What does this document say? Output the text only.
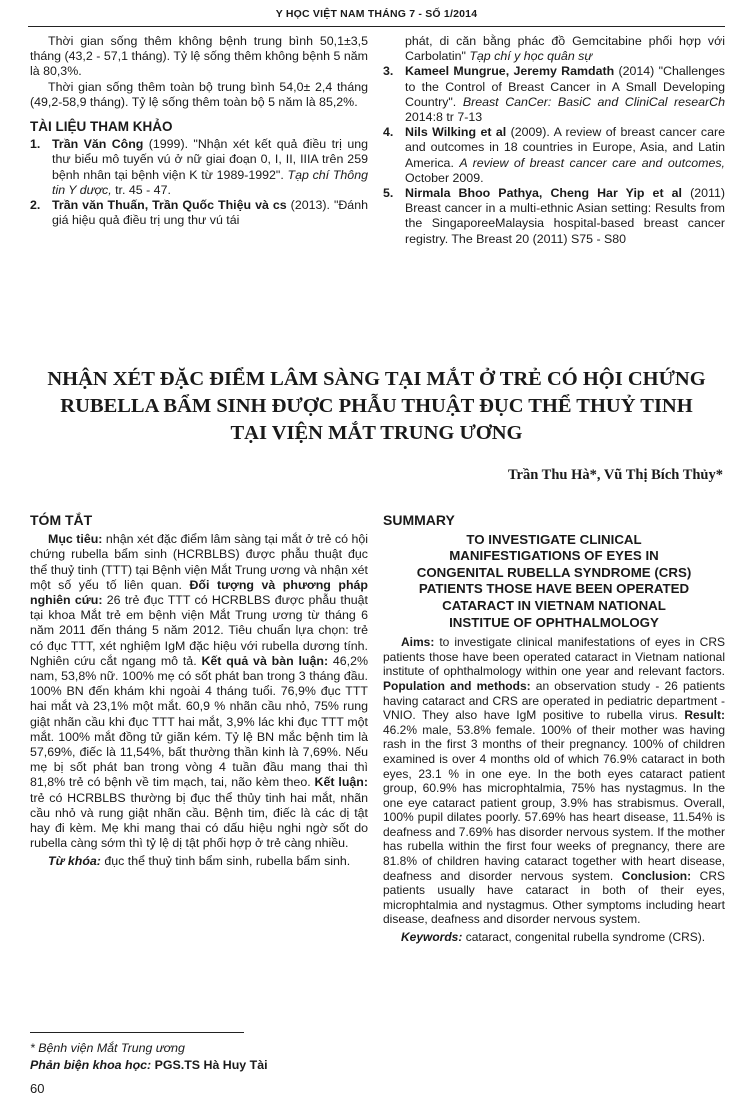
Y HỌC VIỆT NAM THÁNG 7 - SỐ 1/2014

Thời gian sống thêm không bệnh trung bình 50,1±3,5 tháng (43,2 - 57,1 tháng). Tỷ lệ sống thêm không bệnh 5 năm là 80,3%.

Thời gian sống thêm toàn bộ trung bình 54,0± 2,4 tháng (49,2-58,9 tháng). Tỷ lệ sống thêm toàn bộ 5 năm là 85,2%.

TÀI LIỆU THAM KHẢO
1. Trần Văn Công (1999). "Nhận xét kết quả điều trị ung thư biểu mô tuyến vú ở nữ giai đoạn 0, I, II, IIIA trên 259 bệnh nhân tại bệnh viện K từ 1989-1992". Tạp chí Thông tin Y dược, tr. 45 - 47.
2. Trần văn Thuấn, Trần Quốc Thiệu và cs (2013). "Đánh giá hiệu quả điều trị ung thư vú tái
phát, di căn bằng phác đồ Gemcitabine phối hợp với Carbolatin" Tạp chí y học quân sự
3. Kameel Mungrue, Jeremy Ramdath (2014) "Challenges to the Control of Breast Cancer in A Small Developing Country". Breast CanCer: BasiC and CliniCal researCh 2014:8 tr 7-13
4. Nils Wilking et al (2009). A review of breast cancer care and outcomes in 18 countries in Europe, Asia, and Latin America. A review of breast cancer care and outcomes, October 2009.
5. Nirmala Bhoo Pathya, Cheng Har Yip et al (2011) Breast cancer in a multi-ethnic Asian setting: Results from the SingaporeeMalaysia hospital-based breast cancer registry. The Breast 20 (2011) S75 - S80
NHẬN XÉT ĐẶC ĐIỂM LÂM SÀNG TẠI MẮT Ở TRẺ CÓ HỘI CHỨNG
RUBELLA BẨM SINH ĐƯỢC PHẪU THUẬT ĐỤC THỂ THUỶ TINH
TẠI VIỆN MẮT TRUNG ƯƠNG
Trần Thu Hà*, Vũ Thị Bích Thủy*
TÓM TẮT

Mục tiêu: nhận xét đặc điểm lâm sàng tại mắt ở trẻ có hội chứng rubella bẩm sinh (HCRBLBS) được phẫu thuật đục thể thuỷ tinh (TTT) tại Bệnh viện Mắt Trung ương và nhận xét một số yếu tố liên quan. Đối tượng và phương pháp nghiên cứu: 26 trẻ đục TTT có HCRBLBS được phẫu thuật tại khoa Mắt trẻ em bệnh viện Mắt Trung ương từ tháng 6 năm 2011 đến tháng 5 năm 2012. Tiêu chuẩn lựa chọn: trẻ có đục TTT, xét nghiệm IgM đặc hiệu với rubella dương tính. Nghiên cứu cắt ngang mô tả. Kết quả và bàn luận: 46,2% nam, 53,8% nữ. 100% mẹ có sốt phát ban trong 3 tháng đầu. 100% BN đến khám khi ngoài 4 tháng tuổi. 76,9% đục TTT hai mắt và 23,1% một mắt. 60,9 % nhãn cầu nhỏ, 75% rung giật nhãn cầu khi đục TTT hai mắt, 3,9% lác khi đục TTT một mắt. 100% mắt đồng tử giãn kém. Tỷ lệ BN mắc bệnh tim là 57,69%, điếc là 11,54%, bất thường thần kinh là 7,69%. Nếu mẹ bị sốt phát ban trong vòng 4 tuần đầu mang thai thì 81,8% trẻ có bệnh về tim mạch, tai, não kèm theo. Kết luận: trẻ có HCRBLBS thường bị đục thể thủy tinh hai mắt, nhãn cầu nhỏ và rung giật nhãn cầu. Bệnh tim, điếc là các dị tật hay đi kèm. Mẹ khi mang thai có dấu hiệu nghi ngờ sốt do rubella càng sớm thì tỷ lệ dị tật phối hợp ở trẻ càng nhiều.

Từ khóa: đục thể thuỷ tinh bẩm sinh, rubella bẩm sinh.

SUMMARY
TO INVESTIGATE CLINICAL
MANIFESTIGATIONS OF EYES IN
CONGENITAL RUBELLA SYNDROME (CRS)
PATIENTS THOSE HAVE BEEN OPERATED
CATARACT IN VIETNAM NATIONAL
INSTITUE OF OPHTHALMOLOGY

Aims: to investigate clinical manifestations of eyes in CRS patients those have been operated cataract in Vietnam national institute of ophthalmology within one year and relevant factors. Population and methods: an observation study - 26 patients having cataract and CRS are operated in pediatric department - VNIO. They also have IgM positive to rubella virus. Result: 46.2% male, 53.8% female. 100% of their mother was having rash in the first 3 months of their pregnancy. 100% of children examined is over 4 months old of which 76.9% cataract in both eyes, 23.1 % in one eye. In the both eyes cataract patient group, 60.9% has microphtalmia, 75% has nystagmus. In the one eye cataract patient group, 3.9% has strabismus. Overall, 100% pupil dilates poorly. 57.69% has heart disease, 11.54% is deafness and 7.69% has disorder nervous system. If the mother has rubella within the first four weeks of pregnancy, there are 81.8% of children having cataract together with heart disease, deafness and disorder nervous system. Conclusion: CRS patients usually have cataract in both of their eyes, microphtalmia and nystagmus. Other symptoms including heart disease, deafness and disorder nervous system.

Keywords: cataract, congenital rubella syndrome (CRS).

* Bệnh viện Mắt Trung ương
Phản biện khoa học: PGS.TS Hà Huy Tài
60
